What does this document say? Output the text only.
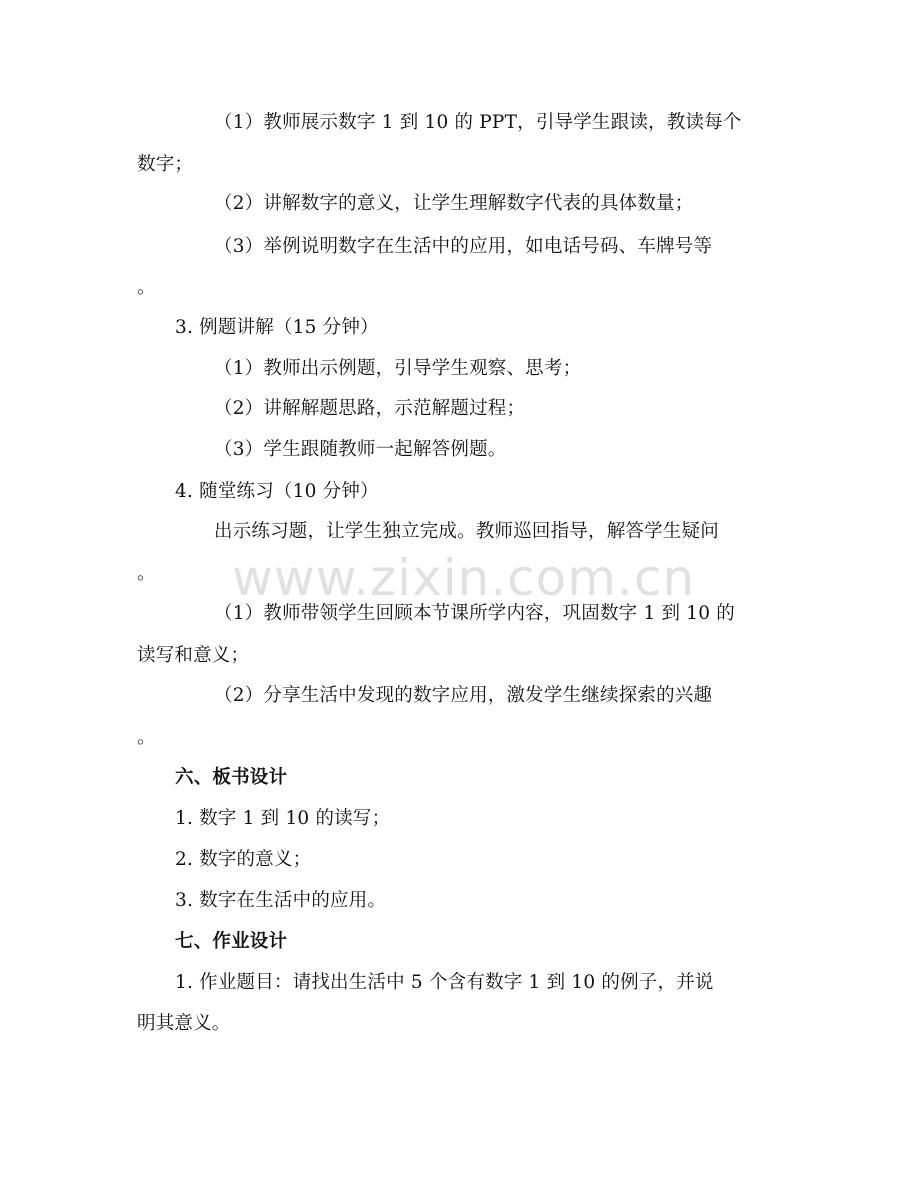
（1）教师展示数字 1 到 10 的 PPT，引导学生跟读，教读每个
数字；
（2）讲解数字的意义，让学生理解数字代表的具体数量；
（3）举例说明数字在生活中的应用，如电话号码、车牌号等
。
3. 例题讲解（15 分钟）
（1）教师出示例题，引导学生观察、思考；
（2）讲解解题思路，示范解题过程；
（3）学生跟随教师一起解答例题。
4. 随堂练习（10 分钟）
出示练习题，让学生独立完成。教师巡回指导，解答学生疑问
。
（1）教师带领学生回顾本节课所学内容，巩固数字 1 到 10 的
读写和意义；
（2）分享生活中发现的数字应用，激发学生继续探索的兴趣
。
六、板书设计
1. 数字 1 到 10 的读写；
2. 数字的意义；
3. 数字在生活中的应用。
七、作业设计
1. 作业题目：请找出生活中 5 个含有数字 1 到 10 的例子，并说
明其意义。
www.zixin.com.cn
